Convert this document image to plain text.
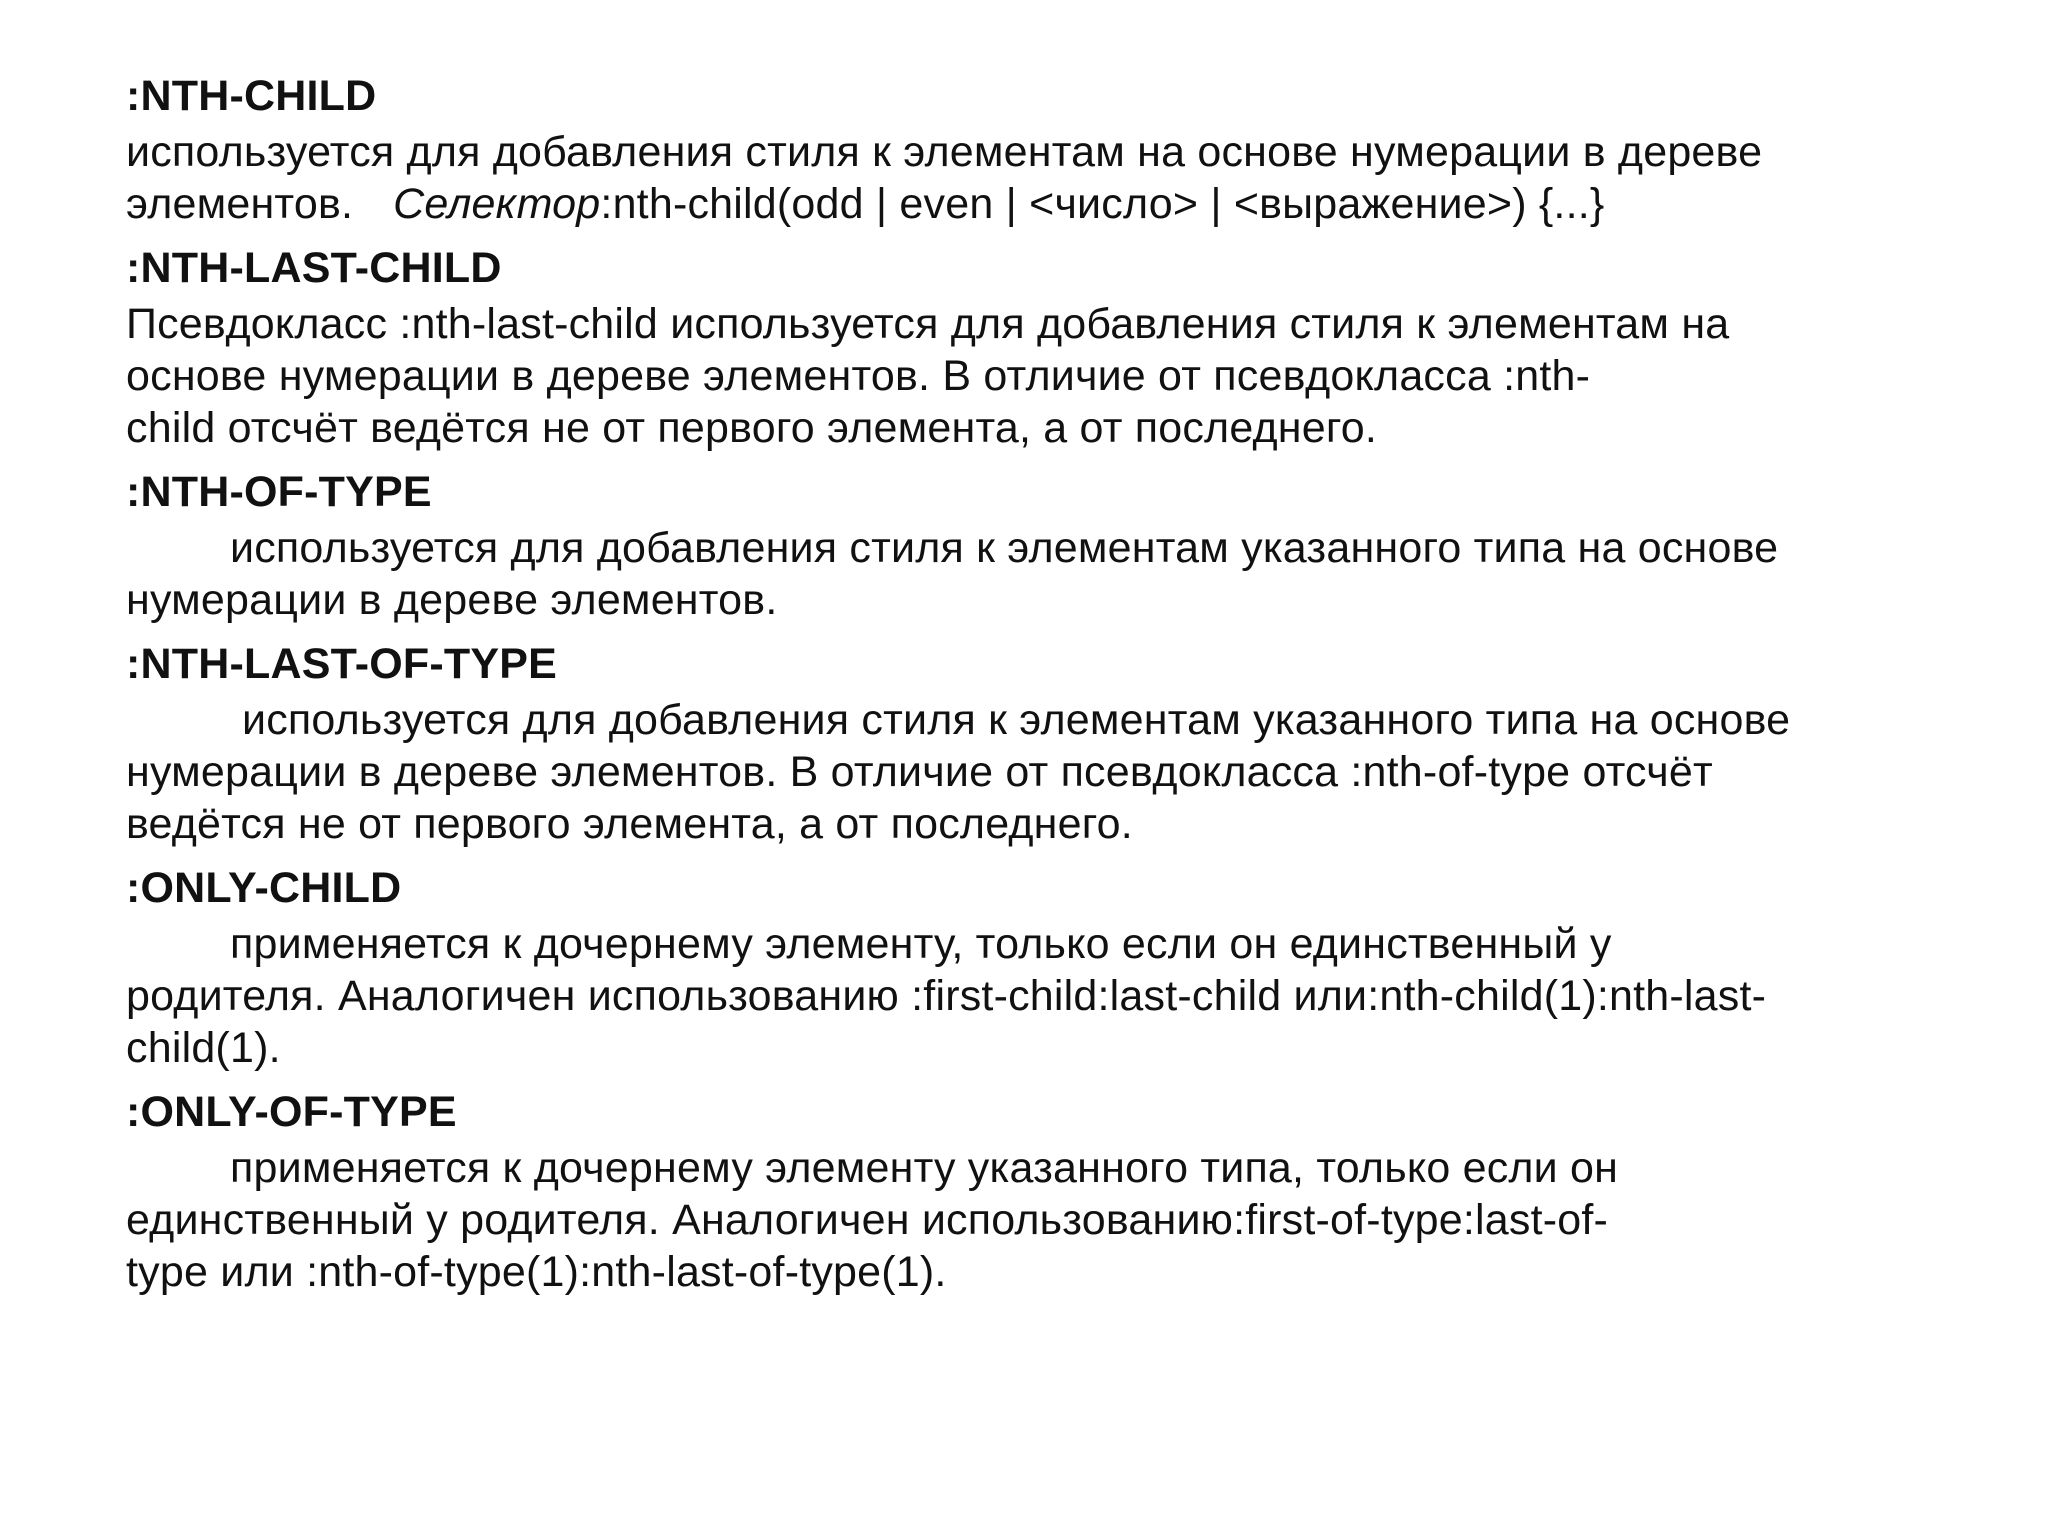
:NTH-CHILD

используется для добавления стиля к элементам на основе нумерации в дереве
элементов. Селектор:nth-child(odd | even | <число> | <выражение>) {...}

:NTH-LAST-CHILD

Псевдокласс :nth-last-child используется для добавления стиля к элементам на
основе нумерации в дереве элементов. В отличие от псевдокласса :nth-
child отсчёт ведётся не от первого элемента, а от последнего.

:NTH-OF-TYPE

используется для добавления стиля к элементам указанного типа на основе
нумерации в дереве элементов.

:NTH-LAST-OF-TYPE

используется для добавления стиля к элементам указанного типа на основе
нумерации в дереве элементов. В отличие от псевдокласса :nth-of-type отсчёт
ведётся не от первого элемента, а от последнего.

:ONLY-CHILD

применяется к дочернему элементу, только если он единственный у
родителя. Аналогичен использованию :first-child:last-child или:nth-child(1):nth-last-
child(1).

:ONLY-OF-TYPE

применяется к дочернему элементу указанного типа, только если он
единственный у родителя. Аналогичен использованию:first-of-type:last-of-
type или :nth-of-type(1):nth-last-of-type(1).
